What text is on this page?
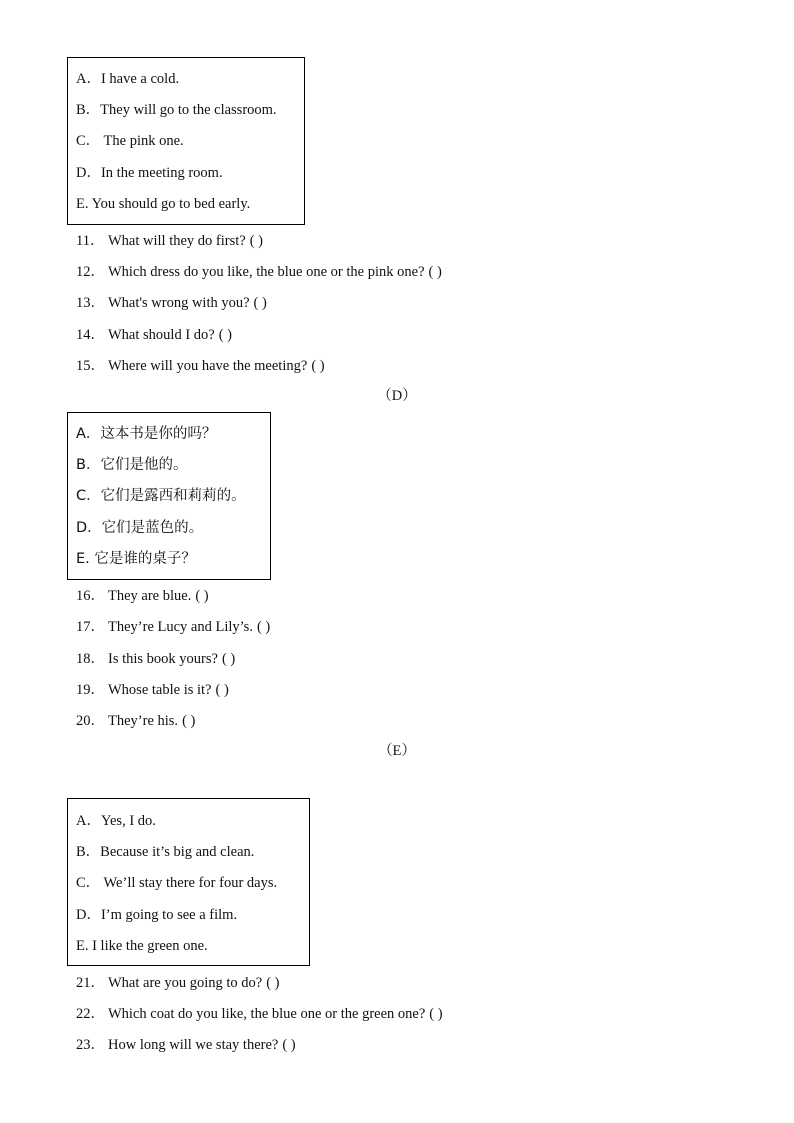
A．I have a cold.
B．They will go to the classroom.
C． The pink one.
D．In the meeting room.
E. You should go to bed early.
11． What will they do first? ( )
12． Which dress do you like, the blue one or the pink one? ( )
13． What's wrong with you? ( )
14． What should I do? ( )
15． Where will you have the meeting? ( )
（D）
A．这本书是你的吗？
B．它们是他的。
C．它们是露西和莉莉的。
D．它们是蓝色的。
E. 它是谁的桌子？
16． They are blue. ( )
17． They’re Lucy and Lily’s. ( )
18． Is this book yours? ( )
19． Whose table is it? ( )
20． They’re his. ( )
（E）
A．Yes, I do.
B．Because it’s big and clean.
C． We’ll stay there for four days.
D．I’m going to see a film.
E. I like the green one.
21． What are you going to do? ( )
22． Which coat do you like, the blue one or the green one? ( )
23． How long will we stay there? ( )
